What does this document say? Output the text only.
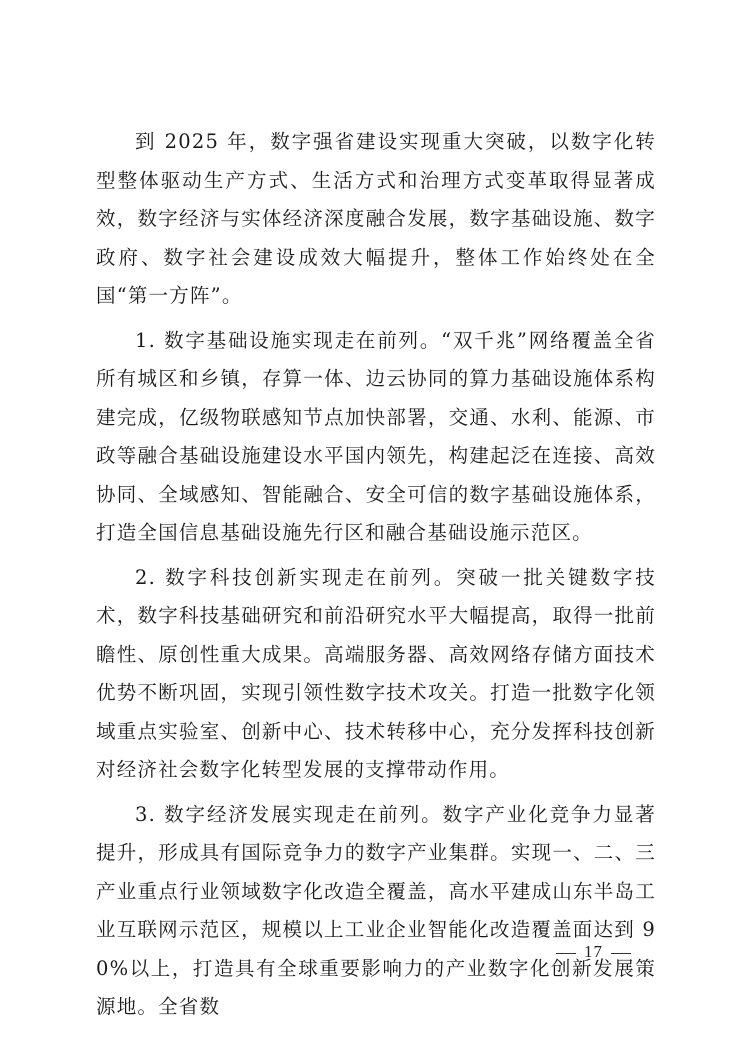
到 2025 年，数字强省建设实现重大突破，以数字化转型整体驱动生产方式、生活方式和治理方式变革取得显著成效，数字经济与实体经济深度融合发展，数字基础设施、数字政府、数字社会建设成效大幅提升，整体工作始终处在全国“第一方阵”。

1. 数字基础设施实现走在前列。“双千兆”网络覆盖全省所有城区和乡镇，存算一体、边云协同的算力基础设施体系构建完成，亿级物联感知节点加快部署，交通、水利、能源、市政等融合基础设施建设水平国内领先，构建起泛在连接、高效协同、全域感知、智能融合、安全可信的数字基础设施体系，打造全国信息基础设施先行区和融合基础设施示范区。

2. 数字科技创新实现走在前列。突破一批关键数字技术，数字科技基础研究和前沿研究水平大幅提高，取得一批前瞻性、原创性重大成果。高端服务器、高效网络存储方面技术优势不断巩固，实现引领性数字技术攻关。打造一批数字化领域重点实验室、创新中心、技术转移中心，充分发挥科技创新对经济社会数字化转型发展的支撑带动作用。

3. 数字经济发展实现走在前列。数字产业化竞争力显著提升，形成具有国际竞争力的数字产业集群。实现一、二、三产业重点行业领域数字化改造全覆盖，高水平建成山东半岛工业互联网示范区，规模以上工业企业智能化改造覆盖面达到 90%以上，打造具有全球重要影响力的产业数字化创新发展策源地。全省数

17
